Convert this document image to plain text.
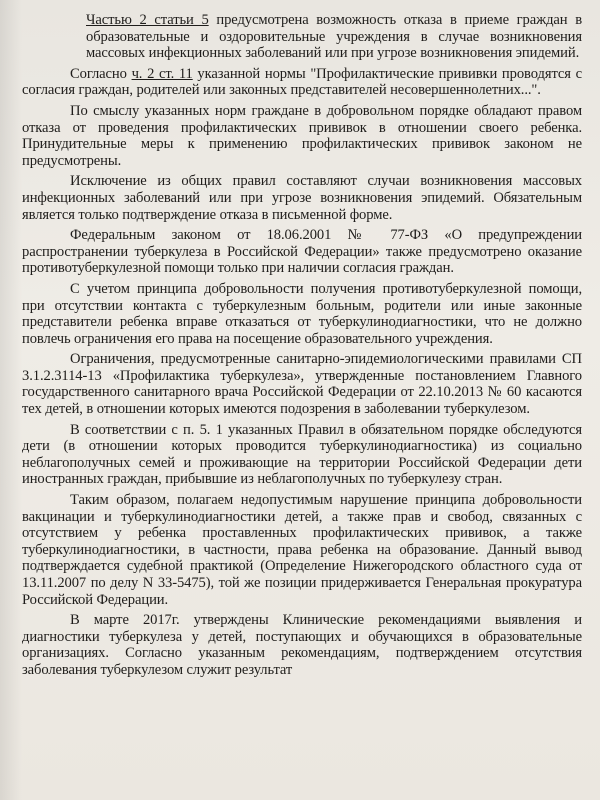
Частью 2 статьи 5 предусмотрена возможность отказа в приеме граждан в образовательные и оздоровительные учреждения в случае возникновения массовых инфекционных заболеваний или при угрозе возникновения эпидемий.

Согласно ч. 2 ст. 11 указанной нормы "Профилактические прививки проводятся с согласия граждан, родителей или законных представителей несовершеннолетних...".

По смыслу указанных норм граждане в добровольном порядке обладают правом отказа от проведения профилактических прививок в отношении своего ребенка. Принудительные меры к применению профилактических прививок законом не предусмотрены.

Исключение из общих правил составляют случаи возникновения массовых инфекционных заболеваний или при угрозе возникновения эпидемий. Обязательным является только подтверждение отказа в письменной форме.

Федеральным законом от 18.06.2001 № 77-ФЗ «О предупреждении распространении туберкулеза в Российской Федерации» также предусмотрено оказание противотуберкулезной помощи только при наличии согласия граждан.

С учетом принципа добровольности получения противотуберкулезной помощи, при отсутствии контакта с туберкулезным больным, родители или иные законные представители ребенка вправе отказаться от туберкулинодиагностики, что не должно повлечь ограничения его права на посещение образовательного учреждения.

Ограничения, предусмотренные санитарно-эпидемиологическими правилами СП 3.1.2.3114-13 «Профилактика туберкулеза», утвержденные постановлением Главного государственного санитарного врача Российской Федерации от 22.10.2013 № 60 касаются тех детей, в отношении которых имеются подозрения в заболевании туберкулезом.

В соответствии с п. 5. 1 указанных Правил в обязательном порядке обследуются дети (в отношении которых проводится туберкулинодиагностика) из социально неблагополучных семей и проживающие на территории Российской Федерации дети иностранных граждан, прибывшие из неблагополучных по туберкулезу стран.

Таким образом, полагаем недопустимым нарушение принципа добровольности вакцинации и туберкулинодиагностики детей, а также прав и свобод, связанных с отсутствием у ребенка проставленных профилактических прививок, а также туберкулинодиагностики, в частности, права ребенка на образование. Данный вывод подтверждается судебной практикой (Определение Нижегородского областного суда от 13.11.2007 по делу N 33-5475), той же позиции придерживается Генеральная прокуратура Российской Федерации.

В марте 2017г. утверждены Клинические рекомендациями выявления и диагностики туберкулеза у детей, поступающих и обучающихся в образовательные организациях. Согласно указанным рекомендациям, подтверждением отсутствия заболевания туберкулезом служит результат
